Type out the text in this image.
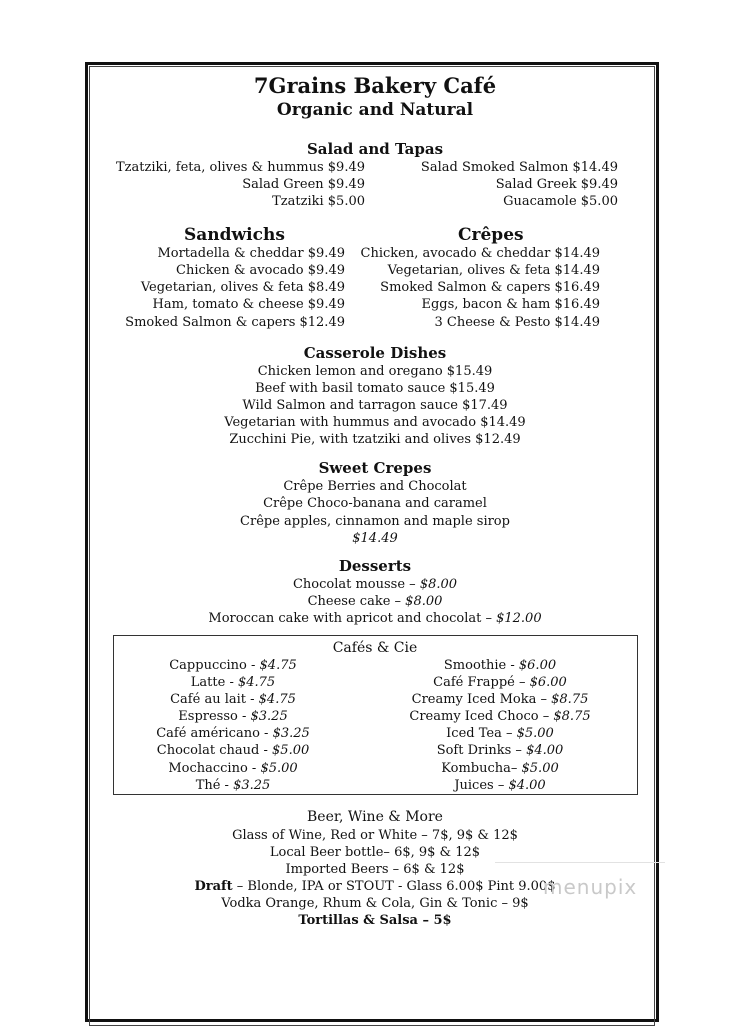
7Grains Bakery Café
Organic and Natural
Salad and Tapas
Tzatziki, feta, olives & hummus $9.49
Salad Green $9.49
Tzatziki $5.00
Salad Smoked Salmon $14.49
Salad Greek $9.49
Guacamole $5.00
Sandwichs
Mortadella & cheddar $9.49
Chicken & avocado $9.49
Vegetarian, olives & feta $8.49
Ham, tomato & cheese $9.49
Smoked Salmon & capers $12.49
Crêpes
Chicken, avocado & cheddar $14.49
Vegetarian, olives & feta $14.49
Smoked Salmon & capers $16.49
Eggs, bacon & ham $16.49
3 Cheese & Pesto $14.49
Casserole Dishes
Chicken lemon and oregano $15.49
Beef with basil tomato sauce $15.49
Wild Salmon and tarragon sauce $17.49
Vegetarian with hummus and avocado $14.49
Zucchini Pie, with tzatziki and olives $12.49
Sweet Crepes
Crêpe Berries and Chocolat
Crêpe Choco-banana and caramel
Crêpe apples, cinnamon and maple sirop
$14.49
Desserts
Chocolat mousse – $8.00
Cheese cake – $8.00
Moroccan cake with apricot and chocolat – $12.00
Cafés & Cie
Cappuccino - $4.75
Latte - $4.75
Café au lait - $4.75
Espresso - $3.25
Café américano - $3.25
Chocolat chaud - $5.00
Mochaccino - $5.00
Thé - $3.25
Smoothie - $6.00
Café Frappé – $6.00
Creamy Iced Moka – $8.75
Creamy Iced Choco – $8.75
Iced Tea – $5.00
Soft Drinks – $4.00
Kombucha– $5.00
Juices – $4.00
Beer, Wine & More
Glass of Wine, Red or White – 7$, 9$ & 12$
Local Beer bottle– 6$, 9$ & 12$
Imported Beers – 6$ & 12$
Draft – Blonde, IPA or STOUT - Glass 6.00$ Pint 9.00$
Vodka Orange, Rhum & Cola, Gin & Tonic – 9$
Tortillas & Salsa – 5$
menupix
